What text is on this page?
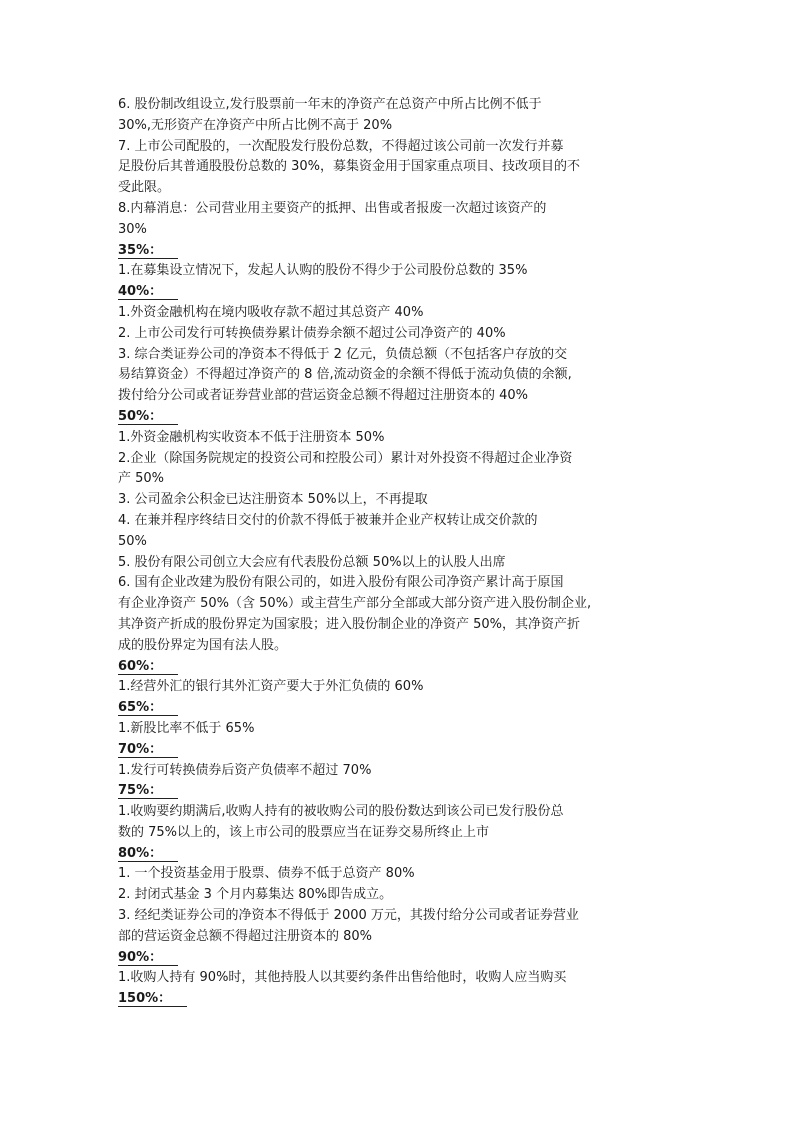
6. 股份制改组设立,发行股票前一年末的净资产在总资产中所占比例不低于
30%,无形资产在净资产中所占比例不高于 20%
7. 上市公司配股的，一次配股发行股份总数，不得超过该公司前一次发行并募
足股份后其普通股股份总数的 30%，募集资金用于国家重点项目、技改项目的不
受此限。
8.内幕消息：公司营业用主要资产的抵押、出售或者报废一次超过该资产的
30%
35%：
1.在募集设立情况下，发起人认购的股份不得少于公司股份总数的 35%
40%：
1.外资金融机构在境内吸收存款不超过其总资产 40%
2. 上市公司发行可转换债券累计债券余额不超过公司净资产的 40%
3. 综合类证券公司的净资本不得低于 2 亿元，负债总额（不包括客户存放的交
易结算资金）不得超过净资产的 8 倍,流动资金的余额不得低于流动负债的余额,
拨付给分公司或者证券营业部的营运资金总额不得超过注册资本的 40%
50%：
1.外资金融机构实收资本不低于注册资本 50%
2.企业（除国务院规定的投资公司和控股公司）累计对外投资不得超过企业净资
产 50%
3. 公司盈余公积金已达注册资本 50%以上，不再提取
4. 在兼并程序终结日交付的价款不得低于被兼并企业产权转让成交价款的
50%
5. 股份有限公司创立大会应有代表股份总额 50%以上的认股人出席
6. 国有企业改建为股份有限公司的，如进入股份有限公司净资产累计高于原国
有企业净资产 50%（含 50%）或主营生产部分全部或大部分资产进入股份制企业,
其净资产折成的股份界定为国家股；进入股份制企业的净资产 50%，其净资产折
成的股份界定为国有法人股。
60%：
1.经营外汇的银行其外汇资产要大于外汇负债的 60%
65%：
1.新股比率不低于 65%
70%：
1.发行可转换债券后资产负债率不超过 70%
75%：
1.收购要约期满后,收购人持有的被收购公司的股份数达到该公司已发行股份总
数的 75%以上的，该上市公司的股票应当在证券交易所终止上市
80%：
1. 一个投资基金用于股票、债券不低于总资产 80%
2. 封闭式基金 3 个月内募集达 80%即告成立。
3. 经纪类证券公司的净资本不得低于 2000 万元，其拨付给分公司或者证券营业
部的营运资金总额不得超过注册资本的 80%
90%：
1.收购人持有 90%时，其他持股人以其要约条件出售给他时，收购人应当购买
150%：
